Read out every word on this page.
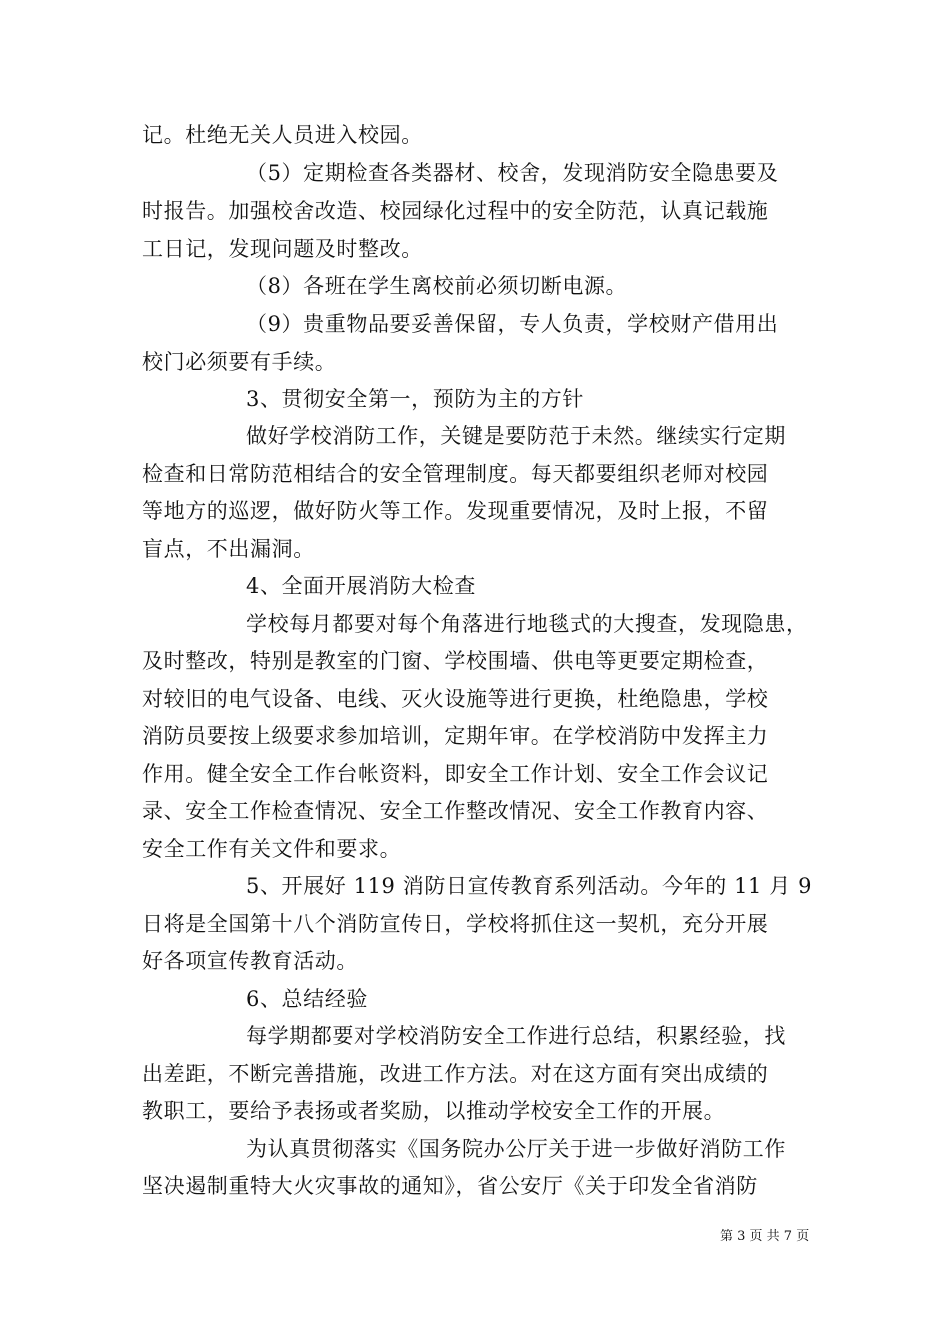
记。杜绝无关人员进入校园。
（5）定期检查各类器材、校舍，发现消防安全隐患要及
时报告。加强校舍改造、校园绿化过程中的安全防范，认真记载施
工日记，发现问题及时整改。
（8）各班在学生离校前必须切断电源。
（9）贵重物品要妥善保留，专人负责，学校财产借用出
校门必须要有手续。
3、贯彻安全第一，预防为主的方针
做好学校消防工作，关键是要防范于未然。继续实行定期
检查和日常防范相结合的安全管理制度。每天都要组织老师对校园
等地方的巡逻，做好防火等工作。发现重要情况，及时上报，不留
盲点，不出漏洞。
4、全面开展消防大检查
学校每月都要对每个角落进行地毯式的大搜查，发现隐患，
及时整改，特别是教室的门窗、学校围墙、供电等更要定期检查，
对较旧的电气设备、电线、灭火设施等进行更换，杜绝隐患，学校
消防员要按上级要求参加培训，定期年审。在学校消防中发挥主力
作用。健全安全工作台帐资料，即安全工作计划、安全工作会议记
录、安全工作检查情况、安全工作整改情况、安全工作教育内容、
安全工作有关文件和要求。
5、开展好 119 消防日宣传教育系列活动。今年的 11 月 9
日将是全国第十八个消防宣传日，学校将抓住这一契机，充分开展
好各项宣传教育活动。
6、总结经验
每学期都要对学校消防安全工作进行总结，积累经验，找
出差距，不断完善措施，改进工作方法。对在这方面有突出成绩的
教职工，要给予表扬或者奖励，以推动学校安全工作的开展。
为认真贯彻落实《国务院办公厅关于进一步做好消防工作
坚决遏制重特大火灾事故的通知》，省公安厅《关于印发全省消防
第 3 页 共 7 页
